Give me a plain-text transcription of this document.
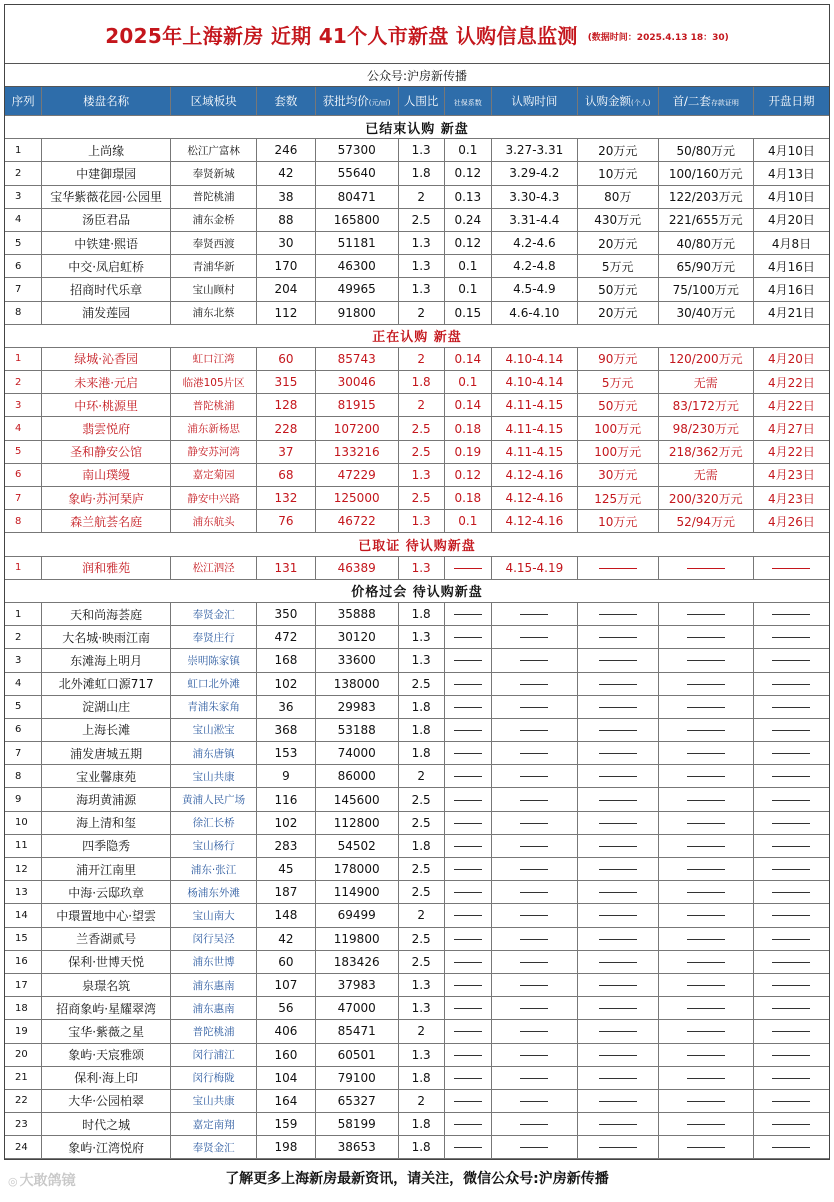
2025年上海新房 近期 41个人市新盘 认购信息监测 (数据时间：2025.4.13 18：30)
公众号:沪房新传播
序列	楼盘名称	区域板块	套数	获批均价(元/㎡)	人围比	社保系数	认购时间	认购金额(个人)	首/二套存款证明	开盘日期
已结束认购 新盘										
1	上尚缘	松江广富林	246	57300	1.3	0.1	3.27-3.31	20万元	50/80万元	4月10日
2	中建御璟园	奉贤新城	42	55640	1.8	0.12	3.29-4.2	10万元	100/160万元	4月13日
3	宝华紫薇花园·公园里	普陀桃浦	38	80471	2	0.13	3.30-4.3	80万	122/203万元	4月10日
4	汤臣君品	浦东金桥	88	165800	2.5	0.24	3.31-4.4	430万元	221/655万元	4月20日
5	中铁建·熙语	奉贤西渡	30	51181	1.3	0.12	4.2-4.6	20万元	40/80万元	4月8日
6	中交·凤启虹桥	青浦华新	170	46300	1.3	0.1	4.2-4.8	5万元	65/90万元	4月16日
7	招商时代乐章	宝山顾村	204	49965	1.3	0.1	4.5-4.9	50万元	75/100万元	4月16日
8	浦发莲园	浦东北蔡	112	91800	2	0.15	4.6-4.10	20万元	30/40万元	4月21日
正在认购 新盘										
1	绿城·沁香园	虹口江湾	60	85743	2	0.14	4.10-4.14	90万元	120/200万元	4月20日
2	未来港·元启	临港105片区	315	30046	1.8	0.1	4.10-4.14	5万元	无需	4月22日
3	中环·桃源里	普陀桃浦	128	81915	2	0.14	4.11-4.15	50万元	83/172万元	4月22日
4	翡雲悦府	浦东新杨思	228	107200	2.5	0.18	4.11-4.15	100万元	98/230万元	4月27日
5	圣和静安公馆	静安苏河湾	37	133216	2.5	0.19	4.11-4.15	100万元	218/362万元	4月22日
6	南山璞缦	嘉定菊园	68	47229	1.3	0.12	4.12-4.16	30万元	无需	4月23日
7	象屿·苏河琹庐	静安中兴路	132	125000	2.5	0.18	4.12-4.16	125万元	200/320万元	4月23日
8	森兰航荟名庭	浦东航头	76	46722	1.3	0.1	4.12-4.16	10万元	52/94万元	4月26日
已取证 待认购新盘										
1	润和雅苑	松江泗泾	131	46389	1.3		4.15-4.19			
价格过会 待认购新盘										
1	天和尚海荟庭	奉贤金汇	350	35888	1.8					
2	大名城·映雨江南	奉贤庄行	472	30120	1.3					
3	东滩海上明月	崇明陈家镇	168	33600	1.3					
4	北外滩虹口源717	虹口北外滩	102	138000	2.5					
5	淀湖山庄	青浦朱家角	36	29983	1.8					
6	上海长滩	宝山淞宝	368	53188	1.8					
7	浦发唐城五期	浦东唐镇	153	74000	1.8					
8	宝业馨康苑	宝山共康	9	86000	2					
9	海玥黄浦源	黄浦人民广场	116	145600	2.5					
10	海上清和玺	徐汇长桥	102	112800	2.5					
11	四季隐秀	宝山杨行	283	54502	1.8					
12	浦开江南里	浦东·张江	45	178000	2.5					
13	中海·云邸玖章	杨浦东外滩	187	114900	2.5					
14	中環置地中心·望雲	宝山南大	148	69499	2					
15	兰香湖贰号	闵行吴泾	42	119800	2.5					
16	保利·世博天悦	浦东世博	60	183426	2.5					
17	泉璟名筑	浦东惠南	107	37983	1.3					
18	招商象屿·星耀翠湾	浦东惠南	56	47000	1.3					
19	宝华·紫薇之星	普陀桃浦	406	85471	2					
20	象屿·天宸雅颂	闵行浦江	160	60501	1.3					
21	保利·海上印	闵行梅陇	104	79100	1.8					
22	大华·公园柏翠	宝山共康	164	65327	2					
23	时代之城	嘉定南翔	159	58199	1.8					
24	象屿·江湾悦府	奉贤金汇	198	38653	1.8					
◎ 大敢鸽镜	了解更多上海新房最新资讯，请关注，微信公众号:沪房新传播
